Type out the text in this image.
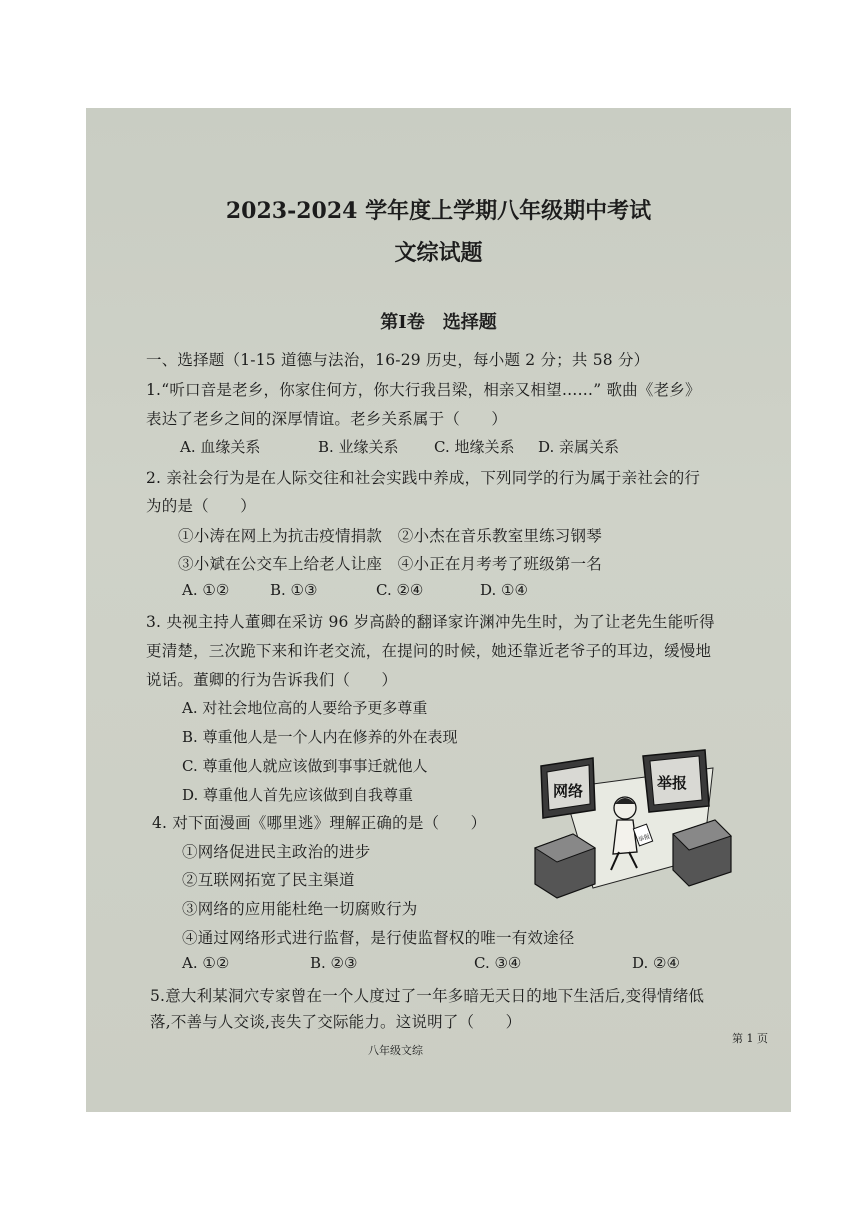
2023-2024 学年度上学期八年级期中考试
文综试题
第Ⅰ卷　选择题
一、选择题（1-15 道德与法治，16-29 历史，每小题 2 分；共 58 分）
1.“听口音是老乡，你家住何方，你大行我吕梁，相亲又相望……” 歌曲《老乡》
表达了老乡之间的深厚情谊。老乡关系属于（　　）
A. 血缘关系	B. 业缘关系 C. 地缘关系 D. 亲属关系
2. 亲社会行为是在人际交往和社会实践中养成，下列同学的行为属于亲社会的行
为的是（　　）
①小涛在网上为抗击疫情捐款　②小杰在音乐教室里练习钢琴
③小斌在公交车上给老人让座　④小正在月考考了班级第一名
A. ①②	B. ①③	C. ②④	D. ①④
3. 央视主持人董卿在采访 96 岁高龄的翻译家许渊冲先生时，为了让老先生能听得
更清楚，三次跪下来和许老交流，在提问的时候，她还靠近老爷子的耳边，缓慢地
说话。董卿的行为告诉我们（　　）
A. 对社会地位高的人要给予更多尊重
B. 尊重他人是一个人内在修养的外在表现
C. 尊重他人就应该做到事事迁就他人
D. 尊重他人首先应该做到自我尊重
4. 对下面漫画《哪里逃》理解正确的是（　　）
①网络促进民主政治的进步
②互联网拓宽了民主渠道
③网络的应用能杜绝一切腐败行为
④通过网络形式进行监督，是行使监督权的唯一有效途径
A. ①②	B. ②③	C. ③④	D. ②④
5.意大利某洞穴专家曾在一个人度过了一年多暗无天日的地下生活后,变得情绪低
落,不善与人交谈,丧失了交际能力。这说明了（　　）
八年级文综
第 1 页
网络	举报
举报
